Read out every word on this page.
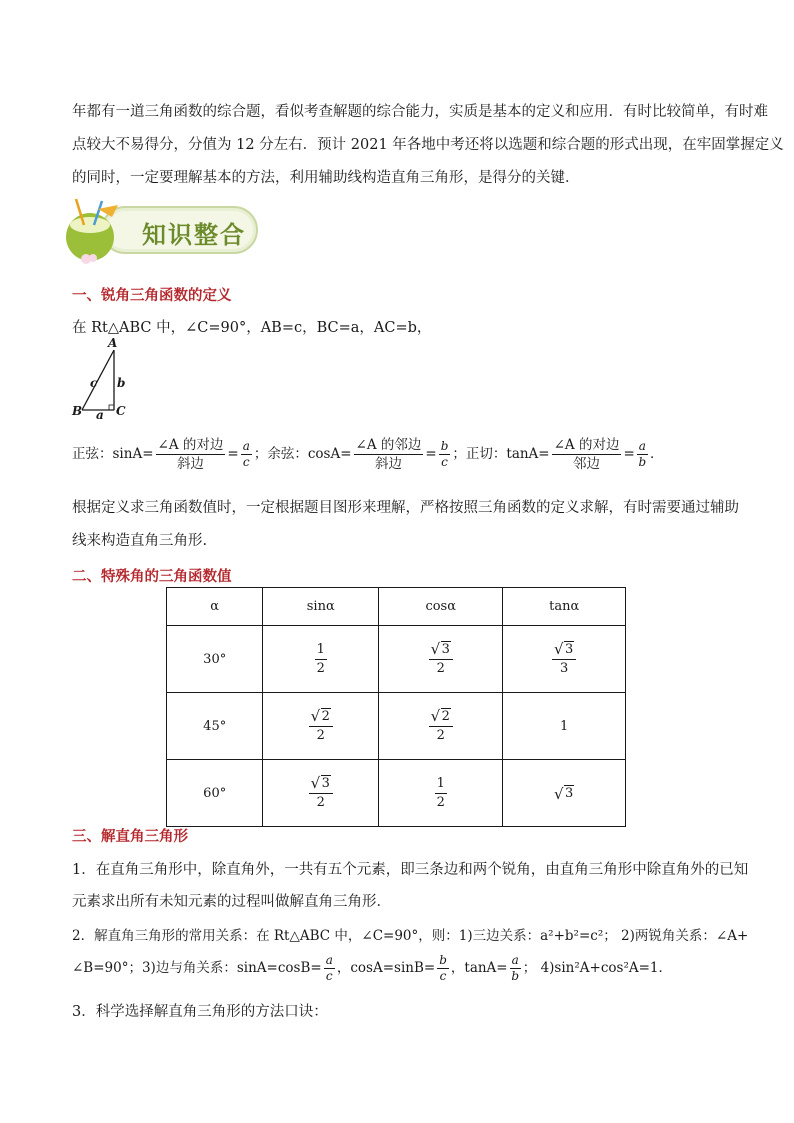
年都有一道三角函数的综合题，看似考查解题的综合能力，实质是基本的定义和应用．有时比较简单，有时难
点较大不易得分，分值为 12 分左右．预计 2021 年各地中考还将以选题和综合题的形式出现，在牢固掌握定义
的同时，一定要理解基本的方法，利用辅助线构造直角三角形，是得分的关键．
知识整合
一、锐角三角函数的定义
在 Rt△ABC 中，∠C=90°，AB=c，BC=a，AC=b，
A
B	C
a
b
c
正弦：$\sin A= \frac{\text{∠A 的对边}}{\text{斜边}} = \frac{a}{c}$ ；余弦：$\cos A= \frac{\text{∠A 的邻边}}{\text{斜边}} = \frac{b}{c}$ ；正切：$\tan A= \frac{\text{∠A 的对边}}{\text{邻边}} = \frac{a}{b}$ ．
根据定义求三角函数值时，一定根据题目图形来理解，严格按照三角函数的定义求解，有时需要通过辅助
线来构造直角三角形.
二、特殊角的三角函数值
α	sinα	cosα	tanα
30°	$\frac{1}{2}$	√ $\frac{3}{2}$	√ $\frac{3}{3}$

45°	√ $\frac{2}{2}$	√ $\frac{2}{2}$	1
60°	√ $\frac{3}{2}$	$\frac{1}{2}$	√ 3
三、解直角三角形
1．在直角三角形中，除直角外，一共有五个元素，即三条边和两个锐角，由直角三角形中除直角外的已知
元素求出所有未知元素的过程叫做解直角三角形．
2．解直角三角形的常用关系：在 Rt△ABC 中，∠C=90°，则：1)三边关系：a²+b²=c²； 2)两锐角关系：∠A+
∠B=90°；3)边与角关系：$\sin A=\cos B= \frac{a}{c}$ ，$\cos A=\sin B= \frac{b}{c}$ ，$\tan A= \frac{a}{b}$ ； 4)sin²A+cos²A=1．
3．科学选择解直角三角形的方法口诀：
